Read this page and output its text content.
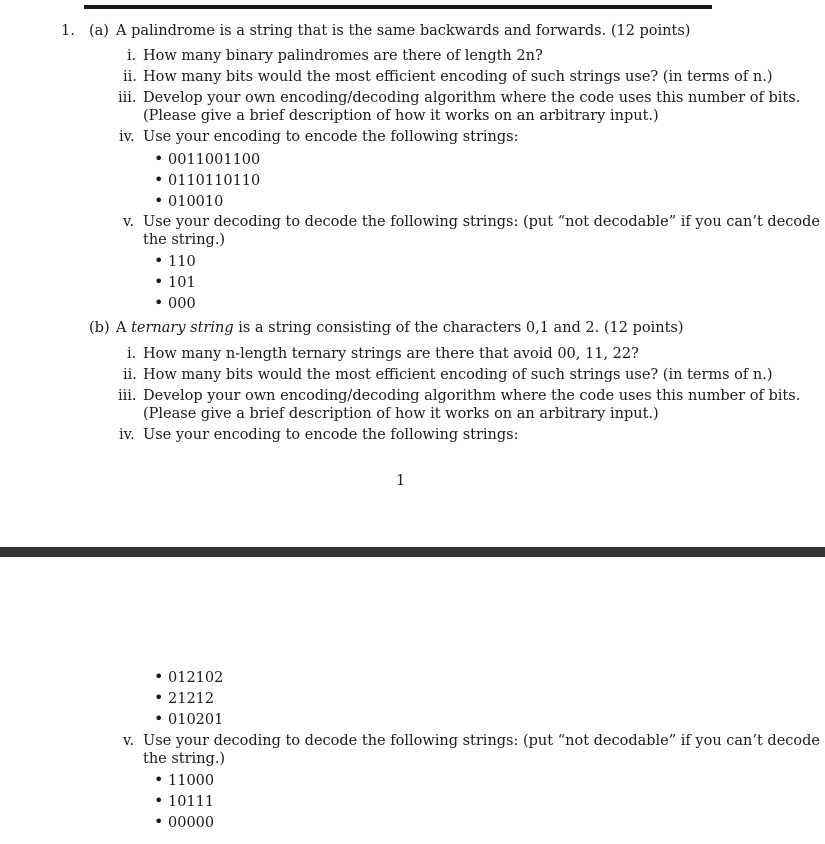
1. (a) A palindrome is a string that is the same backwards and forwards. (12 points)
i. How many binary palindromes are there of length 2n?
ii. How many bits would the most efficient encoding of such strings use? (in terms of n.)
iii. Develop your own encoding/decoding algorithm where the code uses this number of bits.
(Please give a brief description of how it works on an arbitrary input.)
iv. Use your encoding to encode the following strings:
• 0011001100
• 0110110110
• 010010
v. Use your decoding to decode the following strings: (put “not decodable” if you can’t decode
the string.)
• 110
• 101
• 000
(b) A ternary string is a string consisting of the characters 0,1 and 2. (12 points)
i. How many n-length ternary strings are there that avoid 00, 11, 22?
ii. How many bits would the most efficient encoding of such strings use? (in terms of n.)
iii. Develop your own encoding/decoding algorithm where the code uses this number of bits.
(Please give a brief description of how it works on an arbitrary input.)
iv. Use your encoding to encode the following strings:
1
• 012102
• 21212
• 010201
v. Use your decoding to decode the following strings: (put “not decodable” if you can’t decode
the string.)
• 11000
• 10111
• 00000
